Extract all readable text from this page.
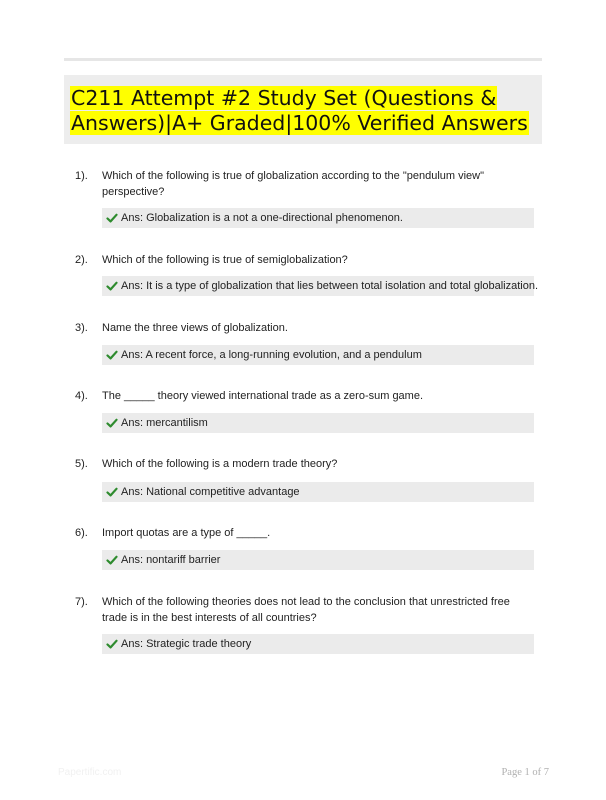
C211 Attempt #2 Study Set (Questions & Answers)|A+ Graded|100% Verified Answers
1). Which of the following is true of globalization according to the "pendulum view" perspective?
Ans: Globalization is a not a one-directional phenomenon.
2). Which of the following is true of semiglobalization?
Ans: It is a type of globalization that lies between total isolation and total globalization.
3). Name the three views of globalization.
Ans: A recent force, a long-running evolution, and a pendulum
4). The _____ theory viewed international trade as a zero-sum game.
Ans: mercantilism
5). Which of the following is a modern trade theory?
Ans: National competitive advantage
6). Import quotas are a type of _____.
Ans: nontariff barrier
7). Which of the following theories does not lead to the conclusion that unrestricted free trade is in the best interests of all countries?
Ans: Strategic trade theory
Papertific.com	Page 1 of 7
